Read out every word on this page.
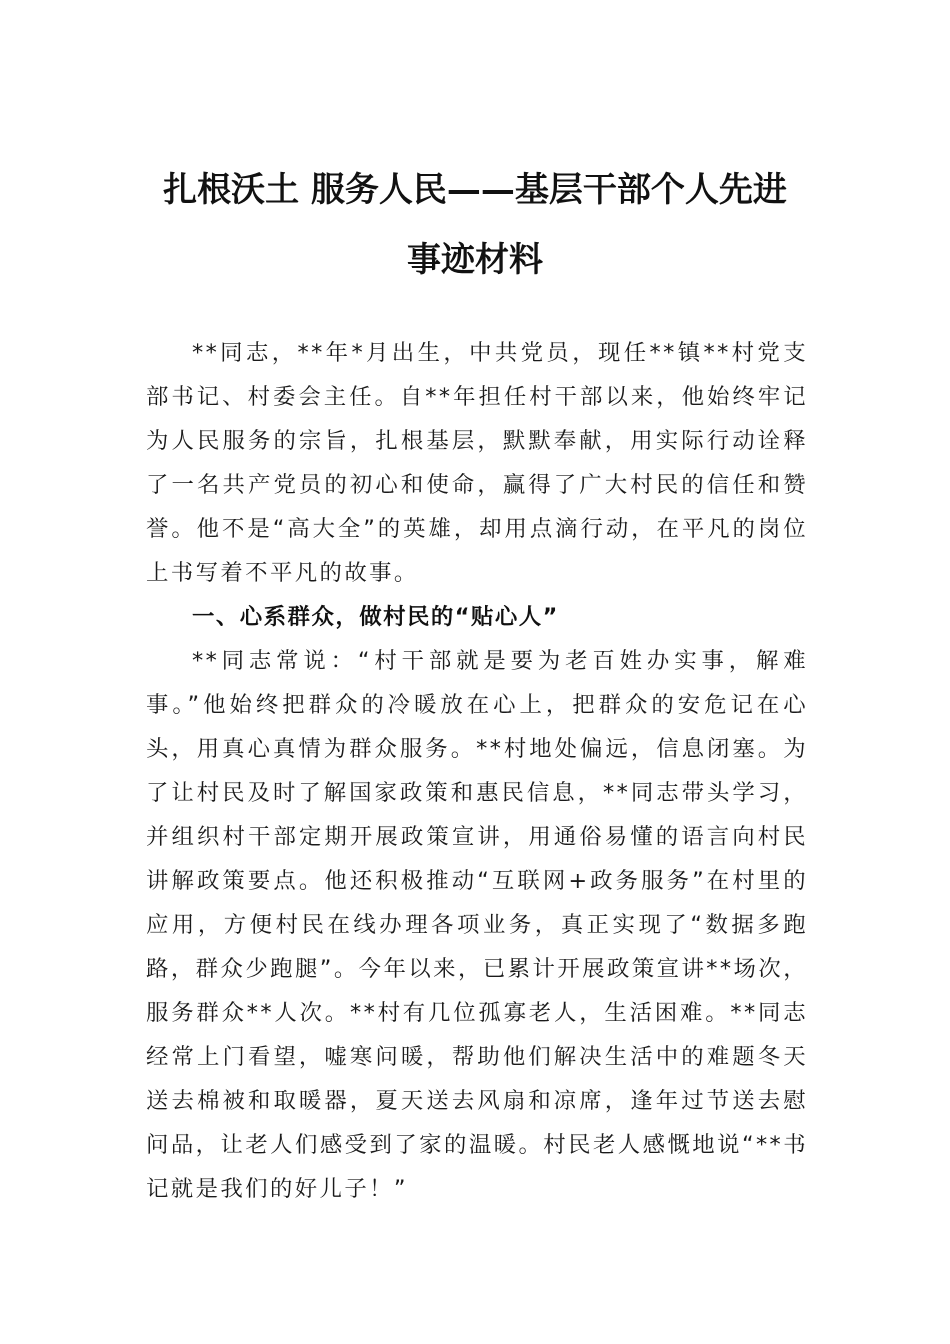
扎根沃土 服务人民——基层干部个人先进
事迹材料

**同志，**年*月出生，中共党员，现任**镇**村党支部书记、村委会主任。自**年担任村干部以来，他始终牢记为人民服务的宗旨，扎根基层，默默奉献，用实际行动诠释了一名共产党员的初心和使命，赢得了广大村民的信任和赞誉。他不是“高大全”的英雄，却用点滴行动，在平凡的岗位上书写着不平凡的故事。

一、心系群众，做村民的“贴心人”

**同志常说：“村干部就是要为老百姓办实事，解难事。”他始终把群众的冷暖放在心上，把群众的安危记在心头，用真心真情为群众服务。**村地处偏远，信息闭塞。为了让村民及时了解国家政策和惠民信息，**同志带头学习，并组织村干部定期开展政策宣讲，用通俗易懂的语言向村民讲解政策要点。他还积极推动“互联网+政务服务”在村里的应用，方便村民在线办理各项业务，真正实现了“数据多跑路，群众少跑腿”。今年以来，已累计开展政策宣讲**场次，服务群众**人次。**村有几位孤寡老人，生活困难。**同志经常上门看望，嘘寒问暖，帮助他们解决生活中的难题冬天送去棉被和取暖器，夏天送去风扇和凉席，逢年过节送去慰问品，让老人们感受到了家的温暖。村民老人感慨地说“**书记就是我们的好儿子！”
